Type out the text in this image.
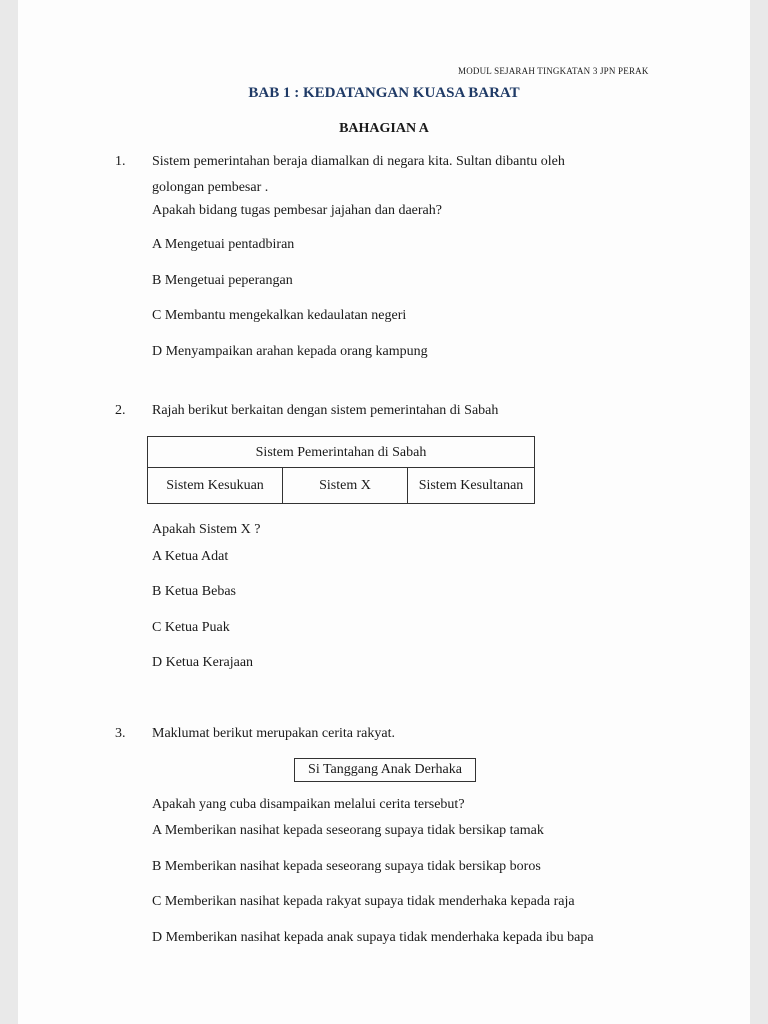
MODUL SEJARAH TINGKATAN 3 JPN PERAK
BAB 1 : KEDATANGAN KUASA BARAT
BAHAGIAN A
1. Sistem pemerintahan beraja diamalkan di negara kita. Sultan dibantu oleh
golongan pembesar .
Apakah bidang tugas pembesar jajahan dan daerah?
A Mengetuai pentadbiran
B Mengetuai peperangan
C Membantu mengekalkan kedaulatan negeri
D Menyampaikan arahan kepada orang kampung
2. Rajah berikut berkaitan dengan sistem pemerintahan di Sabah
Sistem Pemerintahan di Sabah
Sistem Kesukuan	Sistem X	Sistem Kesultanan
Apakah Sistem X ?
A Ketua Adat
B Ketua Bebas
C Ketua Puak
D Ketua Kerajaan
3. Maklumat berikut merupakan cerita rakyat.
Si Tanggang Anak Derhaka
Apakah yang cuba disampaikan melalui cerita tersebut?
A Memberikan nasihat kepada seseorang supaya tidak bersikap tamak
B Memberikan nasihat kepada seseorang supaya tidak bersikap boros
C Memberikan nasihat kepada rakyat supaya tidak menderhaka kepada raja
D Memberikan nasihat kepada anak supaya tidak menderhaka kepada ibu bapa
